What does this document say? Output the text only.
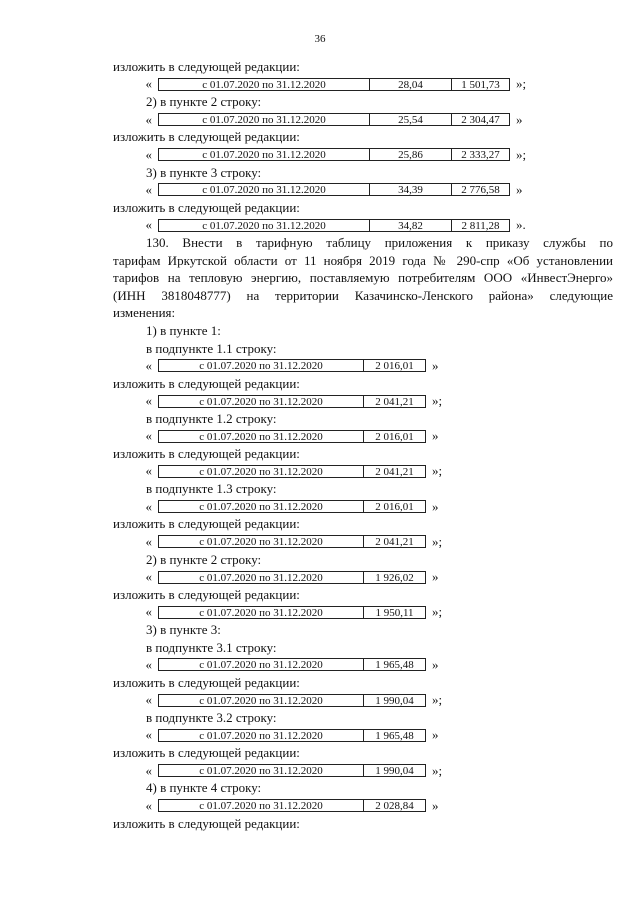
36
изложить в следующей редакции:
«	с 01.07.2020 по 31.12.2020	28,04	1 501,73	»;
2) в пункте 2 строку:
«	с 01.07.2020 по 31.12.2020	25,54	2 304,47	»
изложить в следующей редакции:
«	с 01.07.2020 по 31.12.2020	25,86	2 333,27	»;
3) в пункте 3 строку:
«	с 01.07.2020 по 31.12.2020	34,39	2 776,58	»
изложить в следующей редакции:
«	с 01.07.2020 по 31.12.2020	34,82	2 811,28	».
130. Внести в тарифную таблицу приложения к приказу службы по
тарифам Иркутской области от 11 ноября 2019 года № 290-спр «Об установлении
тарифов на тепловую энергию, поставляемую потребителям ООО «ИнвестЭнерго»
(ИНН 3818048777) на территории Казачинско-Ленского района» следующие
изменения:
1) в пункте 1:
в подпункте 1.1 строку:
«	с 01.07.2020 по 31.12.2020	2 016,01	»
изложить в следующей редакции:
«	с 01.07.2020 по 31.12.2020	2 041,21	»;
в подпункте 1.2 строку:
«	с 01.07.2020 по 31.12.2020	2 016,01	»
изложить в следующей редакции:
«	с 01.07.2020 по 31.12.2020	2 041,21	»;
в подпункте 1.3 строку:
«	с 01.07.2020 по 31.12.2020	2 016,01	»
изложить в следующей редакции:
«	с 01.07.2020 по 31.12.2020	2 041,21	»;
2) в пункте 2 строку:
«	с 01.07.2020 по 31.12.2020	1 926,02	»
изложить в следующей редакции:
«	с 01.07.2020 по 31.12.2020	1 950,11	»;
3) в пункте 3:
в подпункте 3.1 строку:
«	с 01.07.2020 по 31.12.2020	1 965,48	»
изложить в следующей редакции:
«	с 01.07.2020 по 31.12.2020	1 990,04	»;
в подпункте 3.2 строку:
«	с 01.07.2020 по 31.12.2020	1 965,48	»
изложить в следующей редакции:
«	с 01.07.2020 по 31.12.2020	1 990,04	»;
4) в пункте 4 строку:
«	с 01.07.2020 по 31.12.2020	2 028,84	»
изложить в следующей редакции:
